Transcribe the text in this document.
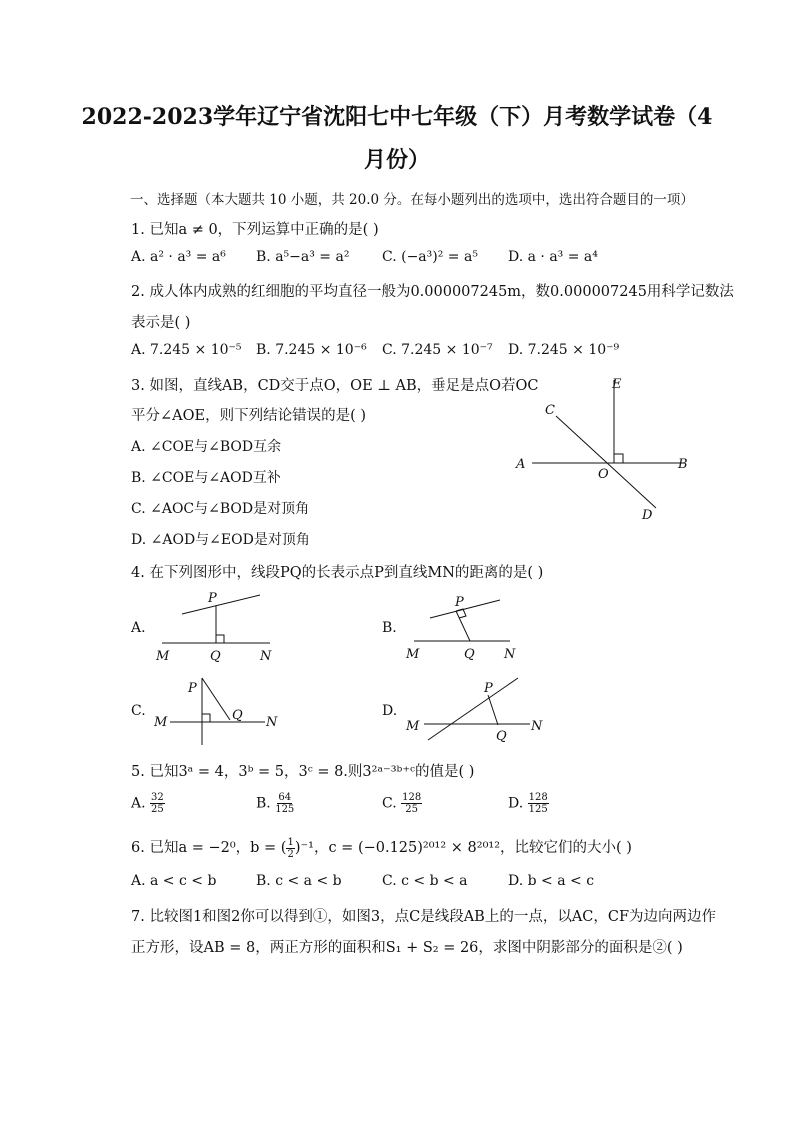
2022-2023学年辽宁省沈阳七中七年级（下）月考数学试卷（4
月份）
一、选择题（本大题共 10 小题，共 20.0 分。在每小题列出的选项中，选出符合题目的一项）
1. 已知a ≠ 0，下列运算中正确的是( )
A. a² · a³ = a⁶ B. a⁵−a³ = a² C. (−a³)² = a⁵ D. a · a³ = a⁴
2. 成人体内成熟的红细胞的平均直径一般为0.000007245m，数0.000007245用科学记数法
表示是( )
A. 7.245 × 10⁻⁵ B. 7.245 × 10⁻⁶ C. 7.245 × 10⁻⁷ D. 7.245 × 10⁻⁹
3. 如图，直线AB，CD交于点O，OE ⊥ AB，垂足是点O若OC
平分∠AOE，则下列结论错误的是( )
A. ∠COE与∠BOD互余
B. ∠COE与∠AOD互补
C. ∠AOC与∠BOD是对顶角
D. ∠AOD与∠EOD是对顶角
E
C
A
O
B
D
4. 在下列图形中，线段PQ的长表示点P到直线MN的距离的是( )
A.	B.
C.	D.
P
M	Q	N
P
M	Q N
P
M	Q N
P
M
Q
N
5. 已知3ᵃ = 4，3ᵇ = 5，3ᶜ = 8.则3²ᵃ⁻³ᵇ⁺ᶜ的值是( )
A. $\frac{32}{25}$	B. $\frac{64}{125}$	C. $\frac{128}{25}$	D. $\frac{128}{125}$
6. 已知a = −2⁰，b = ( $\frac{1}{2} )^{-1}$，c = (−0.125)²⁰¹² × 8²⁰¹²，比较它们的大小( )
A. a < c < b	B. c < a < b	C. c < b < a	D. b < a < c
7. 比较图1和图2你可以得到①，如图3，点C是线段AB上的一点，以AC，CF为边向两边作
正方形，设AB = 8，两正方形的面积和S₁ + S₂ = 26，求图中阴影部分的面积是②( )
